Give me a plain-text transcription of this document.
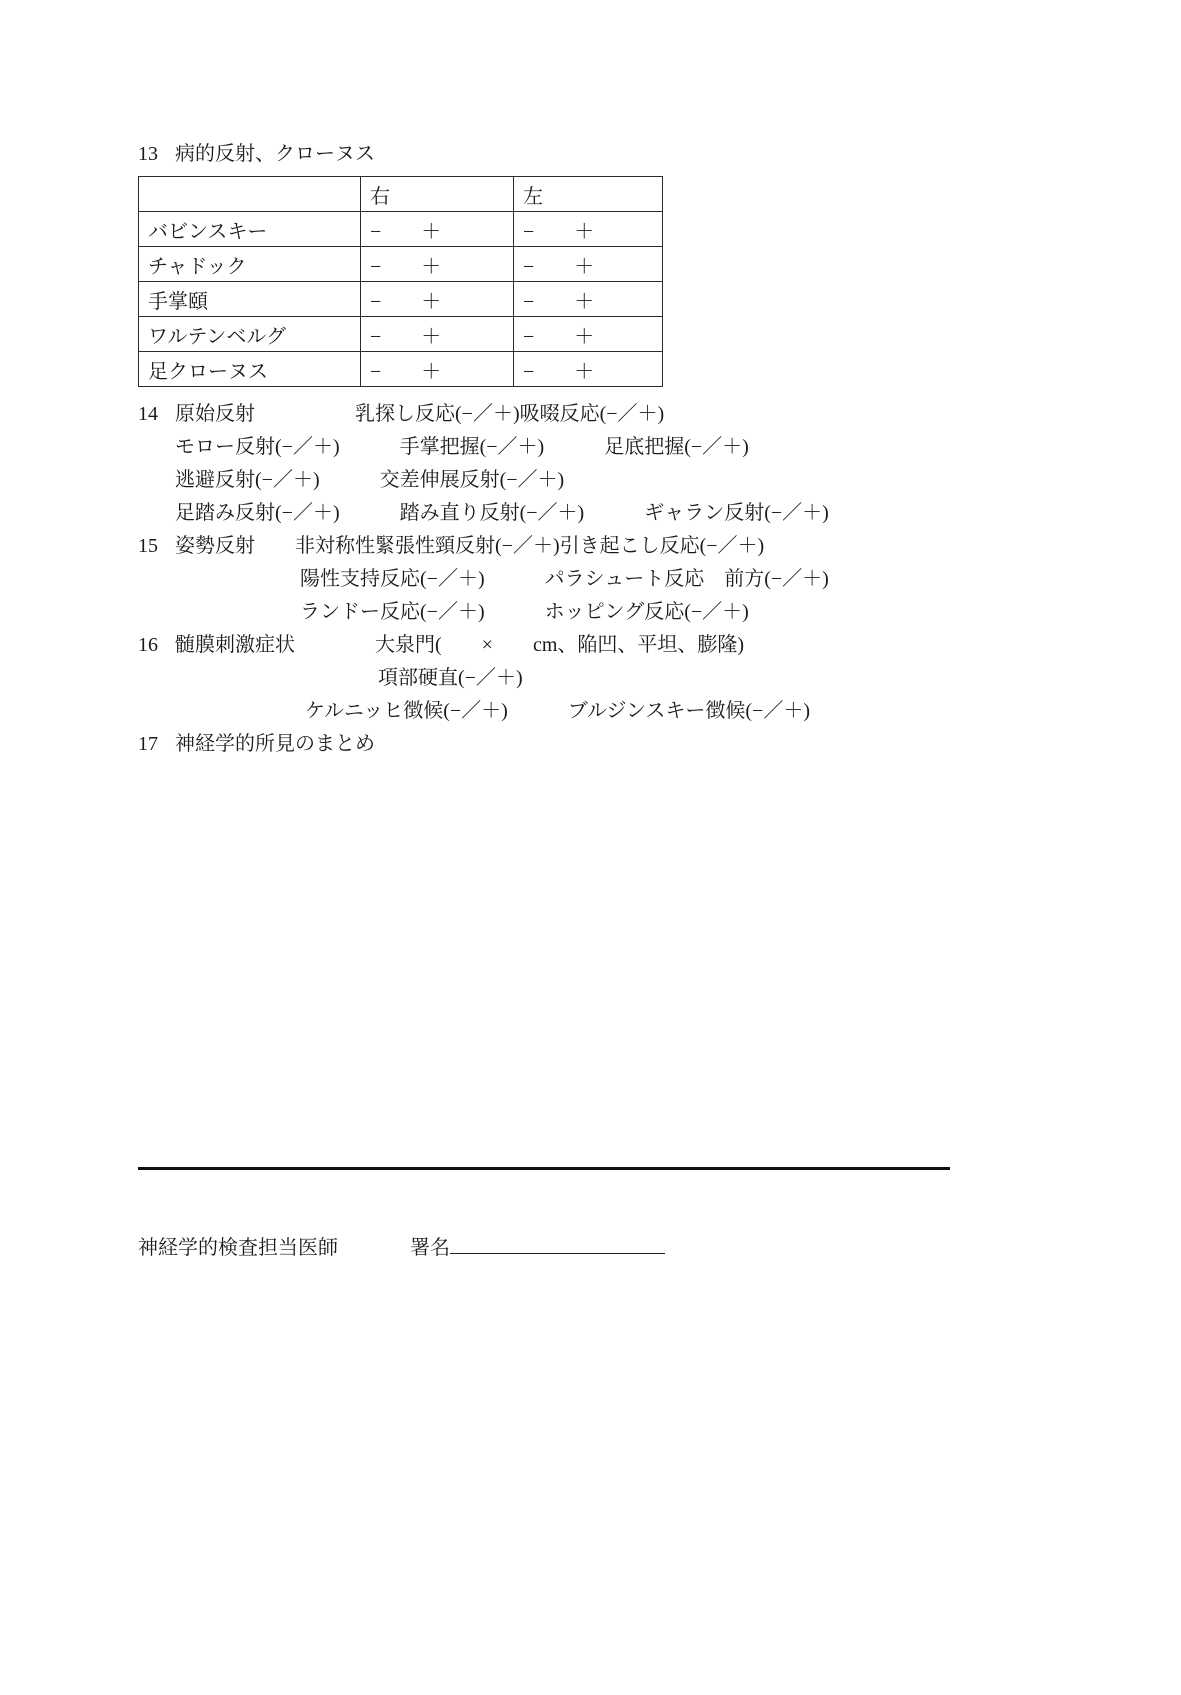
13 病的反射、クローヌス
	右	左
バビンスキー	−　　＋	−　　＋
チャドック	−　　＋	−　　＋
手掌頤	−　　＋	−　　＋
ワルテンベルグ	−　　＋	−　　＋
足クローヌス	−　　＋	−　　＋
14 原始反射　　　　　乳探し反応(−／＋)吸啜反応(−／＋)
モロー反射(−／＋)　　　手掌把握(−／＋)　　　足底把握(−／＋)
逃避反射(−／＋)　　　交差伸展反射(−／＋)
足踏み反射(−／＋)　　　踏み直り反射(−／＋)　　　ギャラン反射(−／＋)
15 姿勢反射　　非対称性緊張性頸反射(−／＋)引き起こし反応(−／＋)
陽性支持反応(−／＋)　　　パラシュート反応　前方(−／＋)
ランドー反応(−／＋)　　　ホッピング反応(−／＋)
16 髄膜刺激症状　　　　大泉門(　　×　　cm、陥凹、平坦、膨隆)
項部硬直(−／＋)
ケルニッヒ徴候(−／＋)　　　ブルジンスキー徴候(−／＋)
17 神経学的所見のまとめ
神経学的検査担当医師	署名
